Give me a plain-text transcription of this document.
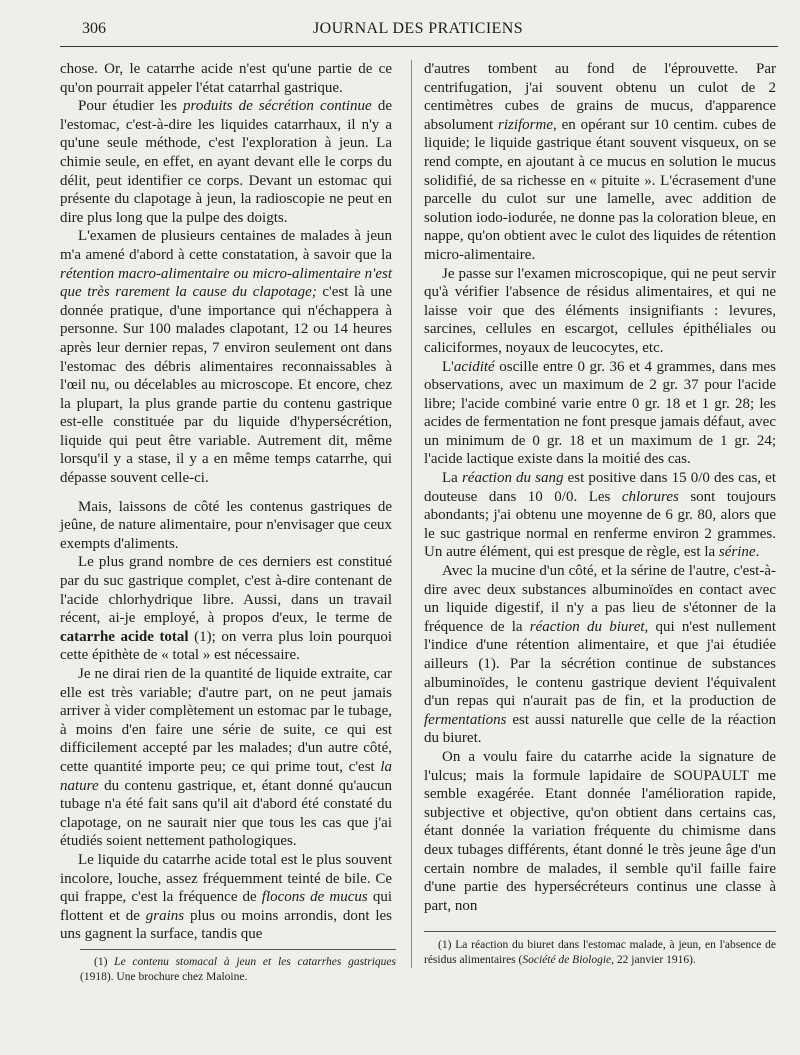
306	JOURNAL DES PRATICIENS

chose. Or, le catarrhe acide n'est qu'une partie de ce qu'on pourrait appeler l'état catarrhal gastrique.

Pour étudier les produits de sécrétion continue de l'estomac, c'est-à-dire les liquides catarrhaux, il n'y a qu'une seule méthode, c'est l'exploration à jeun. La chimie seule, en effet, en ayant devant elle le corps du délit, peut identifier ce corps. Devant un estomac qui présente du clapotage à jeun, la radioscopie ne peut en dire plus long que la pulpe des doigts.

L'examen de plusieurs centaines de malades à jeun m'a amené d'abord à cette constatation, à savoir que la rétention macro-alimentaire ou micro-alimentaire n'est que très rarement la cause du clapotage; c'est là une donnée pratique, d'une importance qui n'échappera à personne. Sur 100 malades clapotant, 12 ou 14 heures après leur dernier repas, 7 environ seulement ont dans l'estomac des débris alimentaires reconnaissables à l'œil nu, ou décelables au microscope. Et encore, chez la plupart, la plus grande partie du contenu gastrique est-elle constituée par du liquide d'hypersécrétion, liquide qui peut être variable. Autrement dit, même lorsqu'il y a stase, il y a en même temps catarrhe, qui dépasse souvent celle-ci.

Mais, laissons de côté les contenus gastriques de jeûne, de nature alimentaire, pour n'envisager que ceux exempts d'aliments.

Le plus grand nombre de ces derniers est constitué par du suc gastrique complet, c'est à-dire contenant de l'acide chlorhydrique libre. Aussi, dans un travail récent, ai-je employé, à propos d'eux, le terme de catarrhe acide total (1); on verra plus loin pourquoi cette épithète de « total » est nécessaire.

Je ne dirai rien de la quantité de liquide extraite, car elle est très variable; d'autre part, on ne peut jamais arriver à vider complètement un estomac par le tubage, à moins d'en faire une série de suite, ce qui est difficilement accepté par les malades; d'un autre côté, cette quantité importe peu; ce qui prime tout, c'est la nature du contenu gastrique, et, étant donné qu'aucun tubage n'a été fait sans qu'il ait d'abord été constaté du clapotage, on ne saurait nier que tous les cas que j'ai étudiés soient nettement pathologiques.

Le liquide du catarrhe acide total est le plus souvent incolore, louche, assez fréquemment teinté de bile. Ce qui frappe, c'est la fréquence de flocons de mucus qui flottent et de grains plus ou moins arrondis, dont les uns gagnent la surface, tandis que

d'autres tombent au fond de l'éprouvette. Par centrifugation, j'ai souvent obtenu un culot de 2 centimètres cubes de grains de mucus, d'apparence absolument riziforme, en opérant sur 10 centim. cubes de liquide; le liquide gastrique étant souvent visqueux, on se rend compte, en ajoutant à ce mucus en solution le mucus solidifié, de sa richesse en « pituite ». L'écrasement d'une parcelle du culot sur une lamelle, avec addition de solution iodo-iodurée, ne donne pas la coloration bleue, en nappe, qu'on obtient avec le culot des liquides de rétention micro-alimentaire.

Je passe sur l'examen microscopique, qui ne peut servir qu'à vérifier l'absence de résidus alimentaires, et qui ne laisse voir que des éléments insignifiants : levures, sarcines, cellules en escargot, cellules épithéliales ou caliciformes, noyaux de leucocytes, etc.

L'acidité oscille entre 0 gr. 36 et 4 grammes, dans mes observations, avec un maximum de 2 gr. 37 pour l'acide libre; l'acide combiné varie entre 0 gr. 18 et 1 gr. 28; les acides de fermentation ne font presque jamais défaut, avec un minimum de 0 gr. 18 et un maximum de 1 gr. 24; l'acide lactique existe dans la moitié des cas.

La réaction du sang est positive dans 15 0/0 des cas, et douteuse dans 10 0/0. Les chlorures sont toujours abondants; j'ai obtenu une moyenne de 6 gr. 80, alors que le suc gastrique normal en renferme environ 2 grammes. Un autre élément, qui est presque de règle, est la sérine.

Avec la mucine d'un côté, et la sérine de l'autre, c'est-à-dire avec deux substances albuminoïdes en contact avec un liquide digestif, il n'y a pas lieu de s'étonner de la fréquence de la réaction du biuret, qui n'est nullement l'indice d'une rétention alimentaire, et que j'ai étudiée ailleurs (1). Par la sécrétion continue de substances albuminoïdes, le contenu gastrique devient l'équivalent d'un repas qui n'aurait pas de fin, et la production de fermentations est aussi naturelle que celle de la réaction du biuret.

On a voulu faire du catarrhe acide la signature de l'ulcus; mais la formule lapidaire de SOUPAULT me semble exagérée. Etant donnée l'amélioration rapide, subjective et objective, qu'on obtient dans certains cas, étant donnée la variation fréquente du chimisme dans deux tubages différents, étant donné le très jeune âge d'un certain nombre de malades, il semble qu'il faille faire d'une partie des hypersécréteurs continus une classe à part, non

(1) Le contenu stomacal à jeun et les catarrhes gastriques (1918). Une brochure chez Maloine.

(1) La réaction du biuret dans l'estomac malade, à jeun, en l'absence de résidus alimentaires (Société de Biologie, 22 janvier 1916).
